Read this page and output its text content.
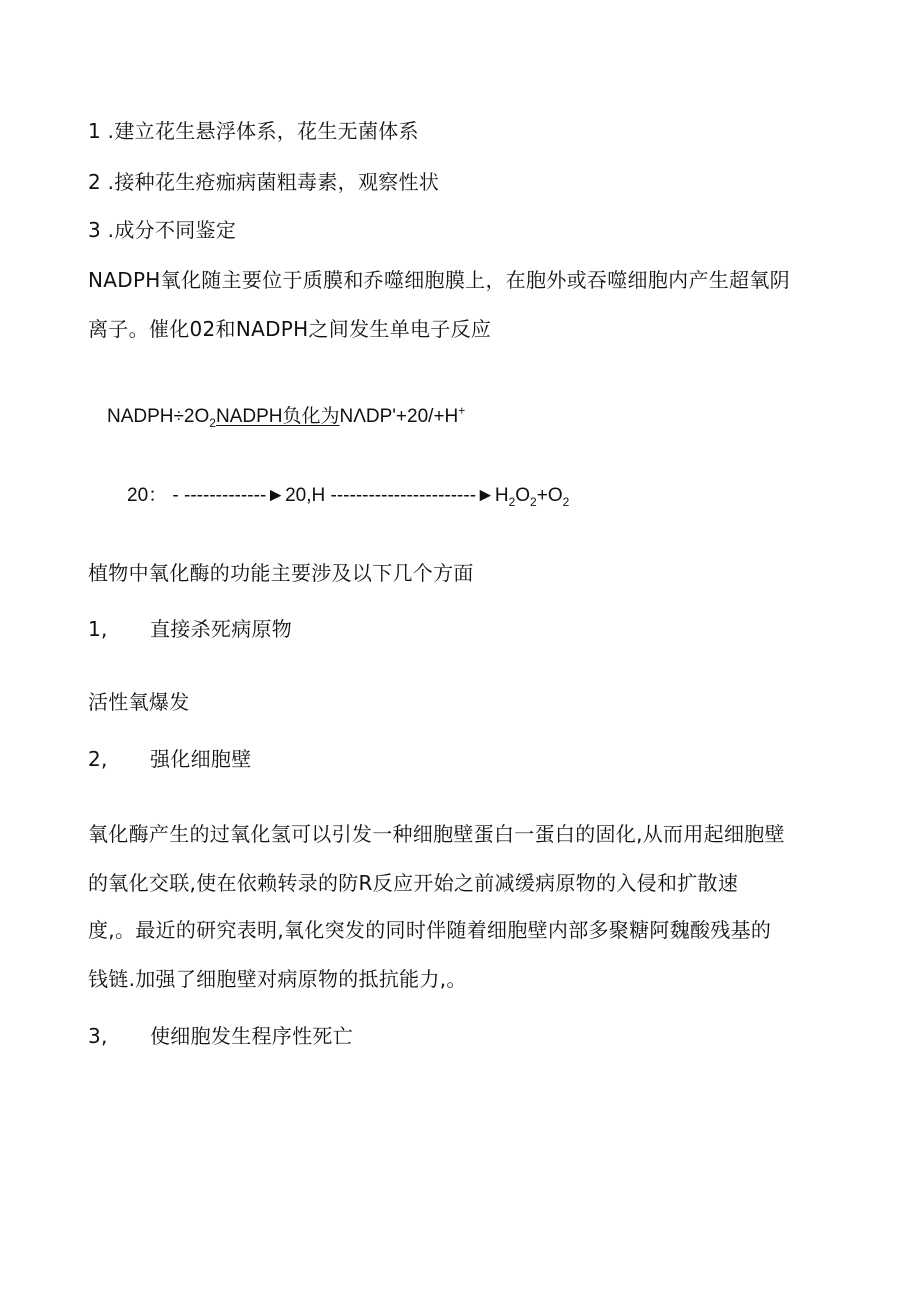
1 .建立花生悬浮体系，花生无菌体系
2 .接种花生疮痂病菌粗毒素，观察性状
3 .成分不同鉴定
NADPH氧化随主要位于质膜和乔噬细胞膜上，在胞外或吞噬细胞内产生超氧阴
离子。催化02和NADPH之间发生单电子反应
$NADPH\div 2O_2NADPH$负化为NΛDP'+20/+H+
20： - -------------►20,H $-----------------------►H_2O_2+O_2$
植物中氧化酶的功能主要涉及以下几个方面
1, 直接杀死病原物
活性氧爆发
2, 强化细胞壁
氧化酶产生的过氧化氢可以引发一种细胞壁蛋白一蛋白的固化,从而用起细胞壁
的氧化交联,使在依赖转录的防R反应开始之前减缓病原物的入侵和扩散速
度,。最近的研究表明,氧化突发的同时伴随着细胞壁内部多聚糖阿魏酸残基的
钱链.加强了细胞壁对病原物的抵抗能力,。
3, 使细胞发生程序性死亡
